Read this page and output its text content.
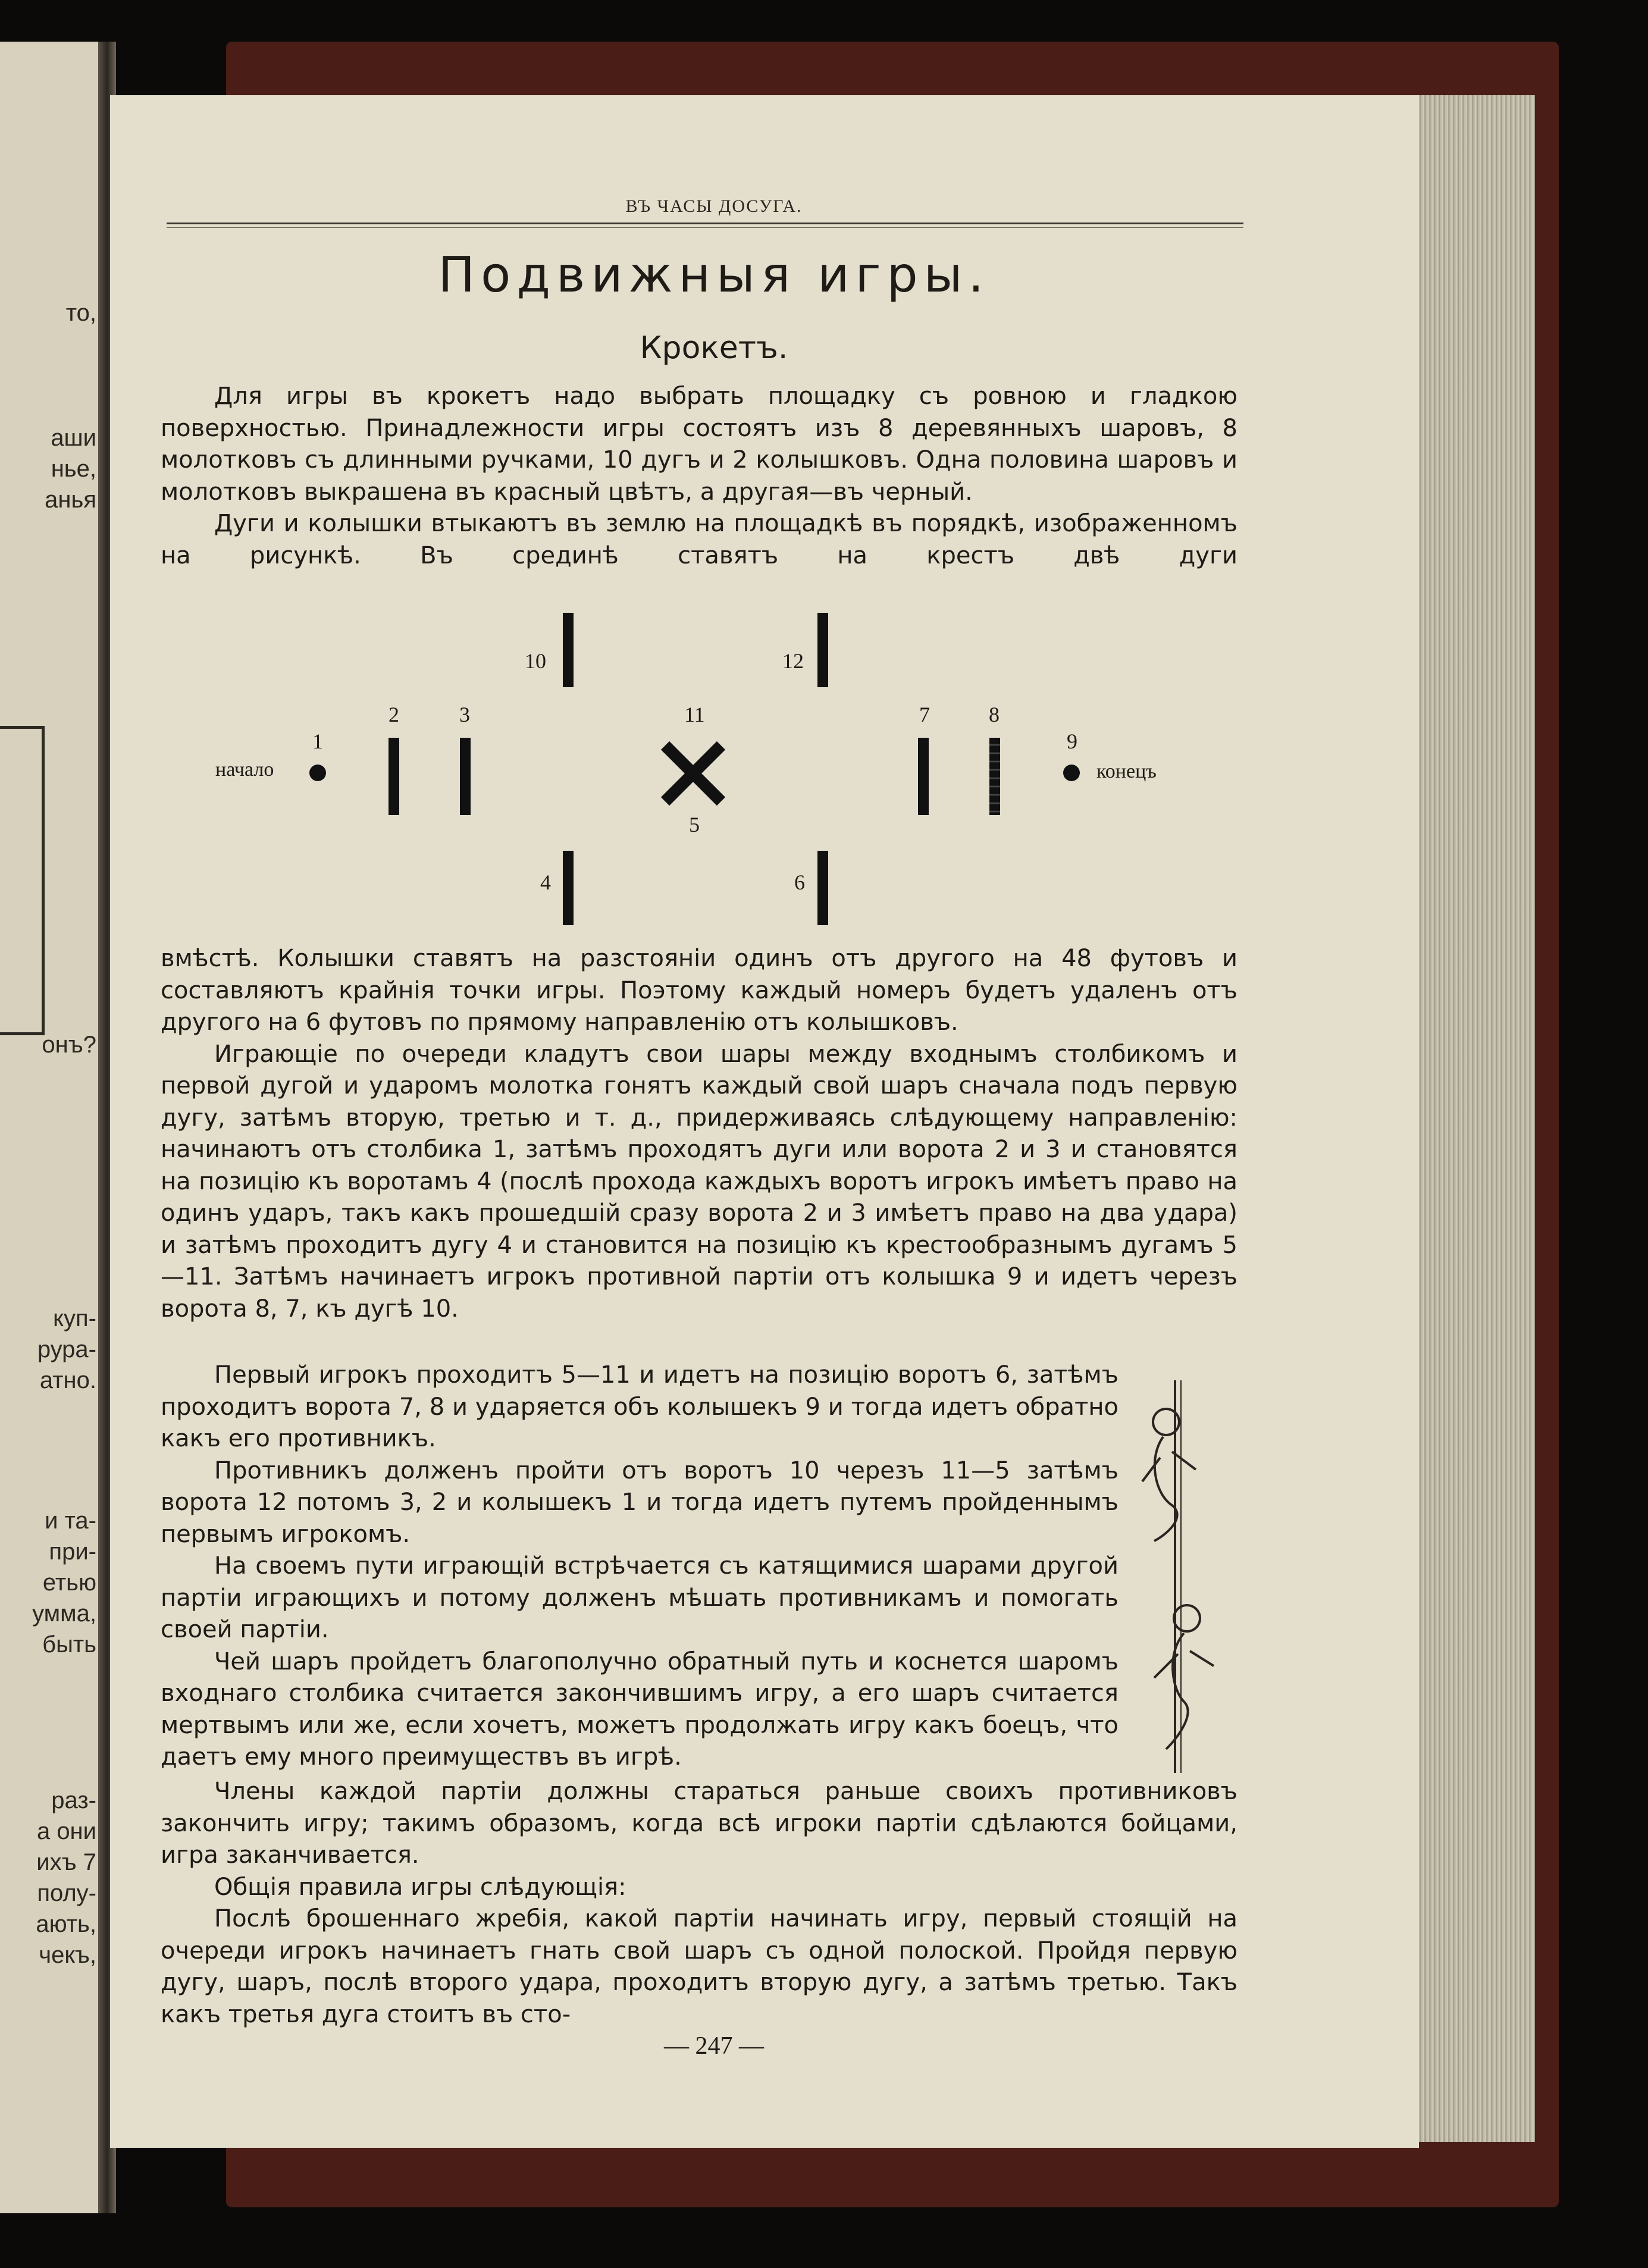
то,
аши
нье,
анья
онъ?
куп-
рура-
атно.
и та-
при-
етью
умма,
быть
раз-
а они
ихъ 7
полу-
ають,
чекъ,
ВЪ ЧАСЫ ДОСУГА.
Подвижныя игры.
Крокетъ.

Для игры въ крокетъ надо выбрать площадку съ ровною и гладкою поверхностью. Принадлежности игры состоятъ изъ 8 деревянныхъ шаровъ, 8 молотковъ съ длинными ручками, 10 дугъ и 2 колышковъ. Одна половина шаровъ и молотковъ выкрашена въ красный цвѣтъ, а другая—въ черный.

Дуги и колышки втыкаютъ въ землю на площадкѣ въ порядкѣ, изображенномъ на рисункѣ. Въ срединѣ ставятъ на крестъ двѣ дуги

начало
1
2	3
4
10
11
5
12
6
7	8
9
конецъ

вмѣстѣ. Колышки ставятъ на разстояніи одинъ отъ другого на 48 футовъ и составляютъ крайнія точки игры. Поэтому каждый номеръ будетъ удаленъ отъ другого на 6 футовъ по прямому направленію отъ колышковъ.

Играющіе по очереди кладутъ свои шары между входнымъ столбикомъ и первой дугой и ударомъ молотка гонятъ каждый свой шаръ сначала подъ первую дугу, затѣмъ вторую, третью и т. д., придерживаясь слѣдующему направленію: начинаютъ отъ столбика 1, затѣмъ проходятъ дуги или ворота 2 и 3 и становятся на позицію къ воротамъ 4 (послѣ прохода каждыхъ воротъ игрокъ имѣетъ право на одинъ ударъ, такъ какъ прошедшій сразу ворота 2 и 3 имѣетъ право на два удара) и затѣмъ проходитъ дугу 4 и становится на позицію къ крестообразнымъ дугамъ 5—11. Затѣмъ начинаетъ игрокъ противной партіи отъ колышка 9 и идетъ черезъ ворота 8, 7, къ дугѣ 10.

Первый игрокъ проходитъ 5—11 и идетъ на позицію воротъ 6, затѣмъ проходитъ ворота 7, 8 и ударяется объ колышекъ 9 и тогда идетъ обратно какъ его противникъ.

Противникъ долженъ пройти отъ воротъ 10 черезъ 11—5 затѣмъ ворота 12 потомъ 3, 2 и колышекъ 1 и тогда идетъ путемъ пройденнымъ первымъ игрокомъ.

На своемъ пути играющій встрѣчается съ катящимися шарами другой партіи играющихъ и потому долженъ мѣшать противникамъ и помогать своей партіи.

Чей шаръ пройдетъ благополучно обратный путь и коснется шаромъ входнаго столбика считается закончившимъ игру, а его шаръ считается мертвымъ или же, если хочетъ, можетъ продолжать игру какъ боецъ, что даетъ ему много преимуществъ въ игрѣ.

Члены каждой партіи должны стараться раньше своихъ противниковъ закончить игру; такимъ образомъ, когда всѣ игроки партіи сдѣлаются бойцами, игра заканчивается.

Общія правила игры слѣдующія:

Послѣ брошеннаго жребія, какой партіи начинать игру, первый стоящій на очереди игрокъ начинаетъ гнать свой шаръ съ одной полоской. Пройдя первую дугу, шаръ, послѣ второго удара, проходитъ вторую дугу, а затѣмъ третью. Такъ какъ третья дуга стоитъ въ сто-

— 247 —
